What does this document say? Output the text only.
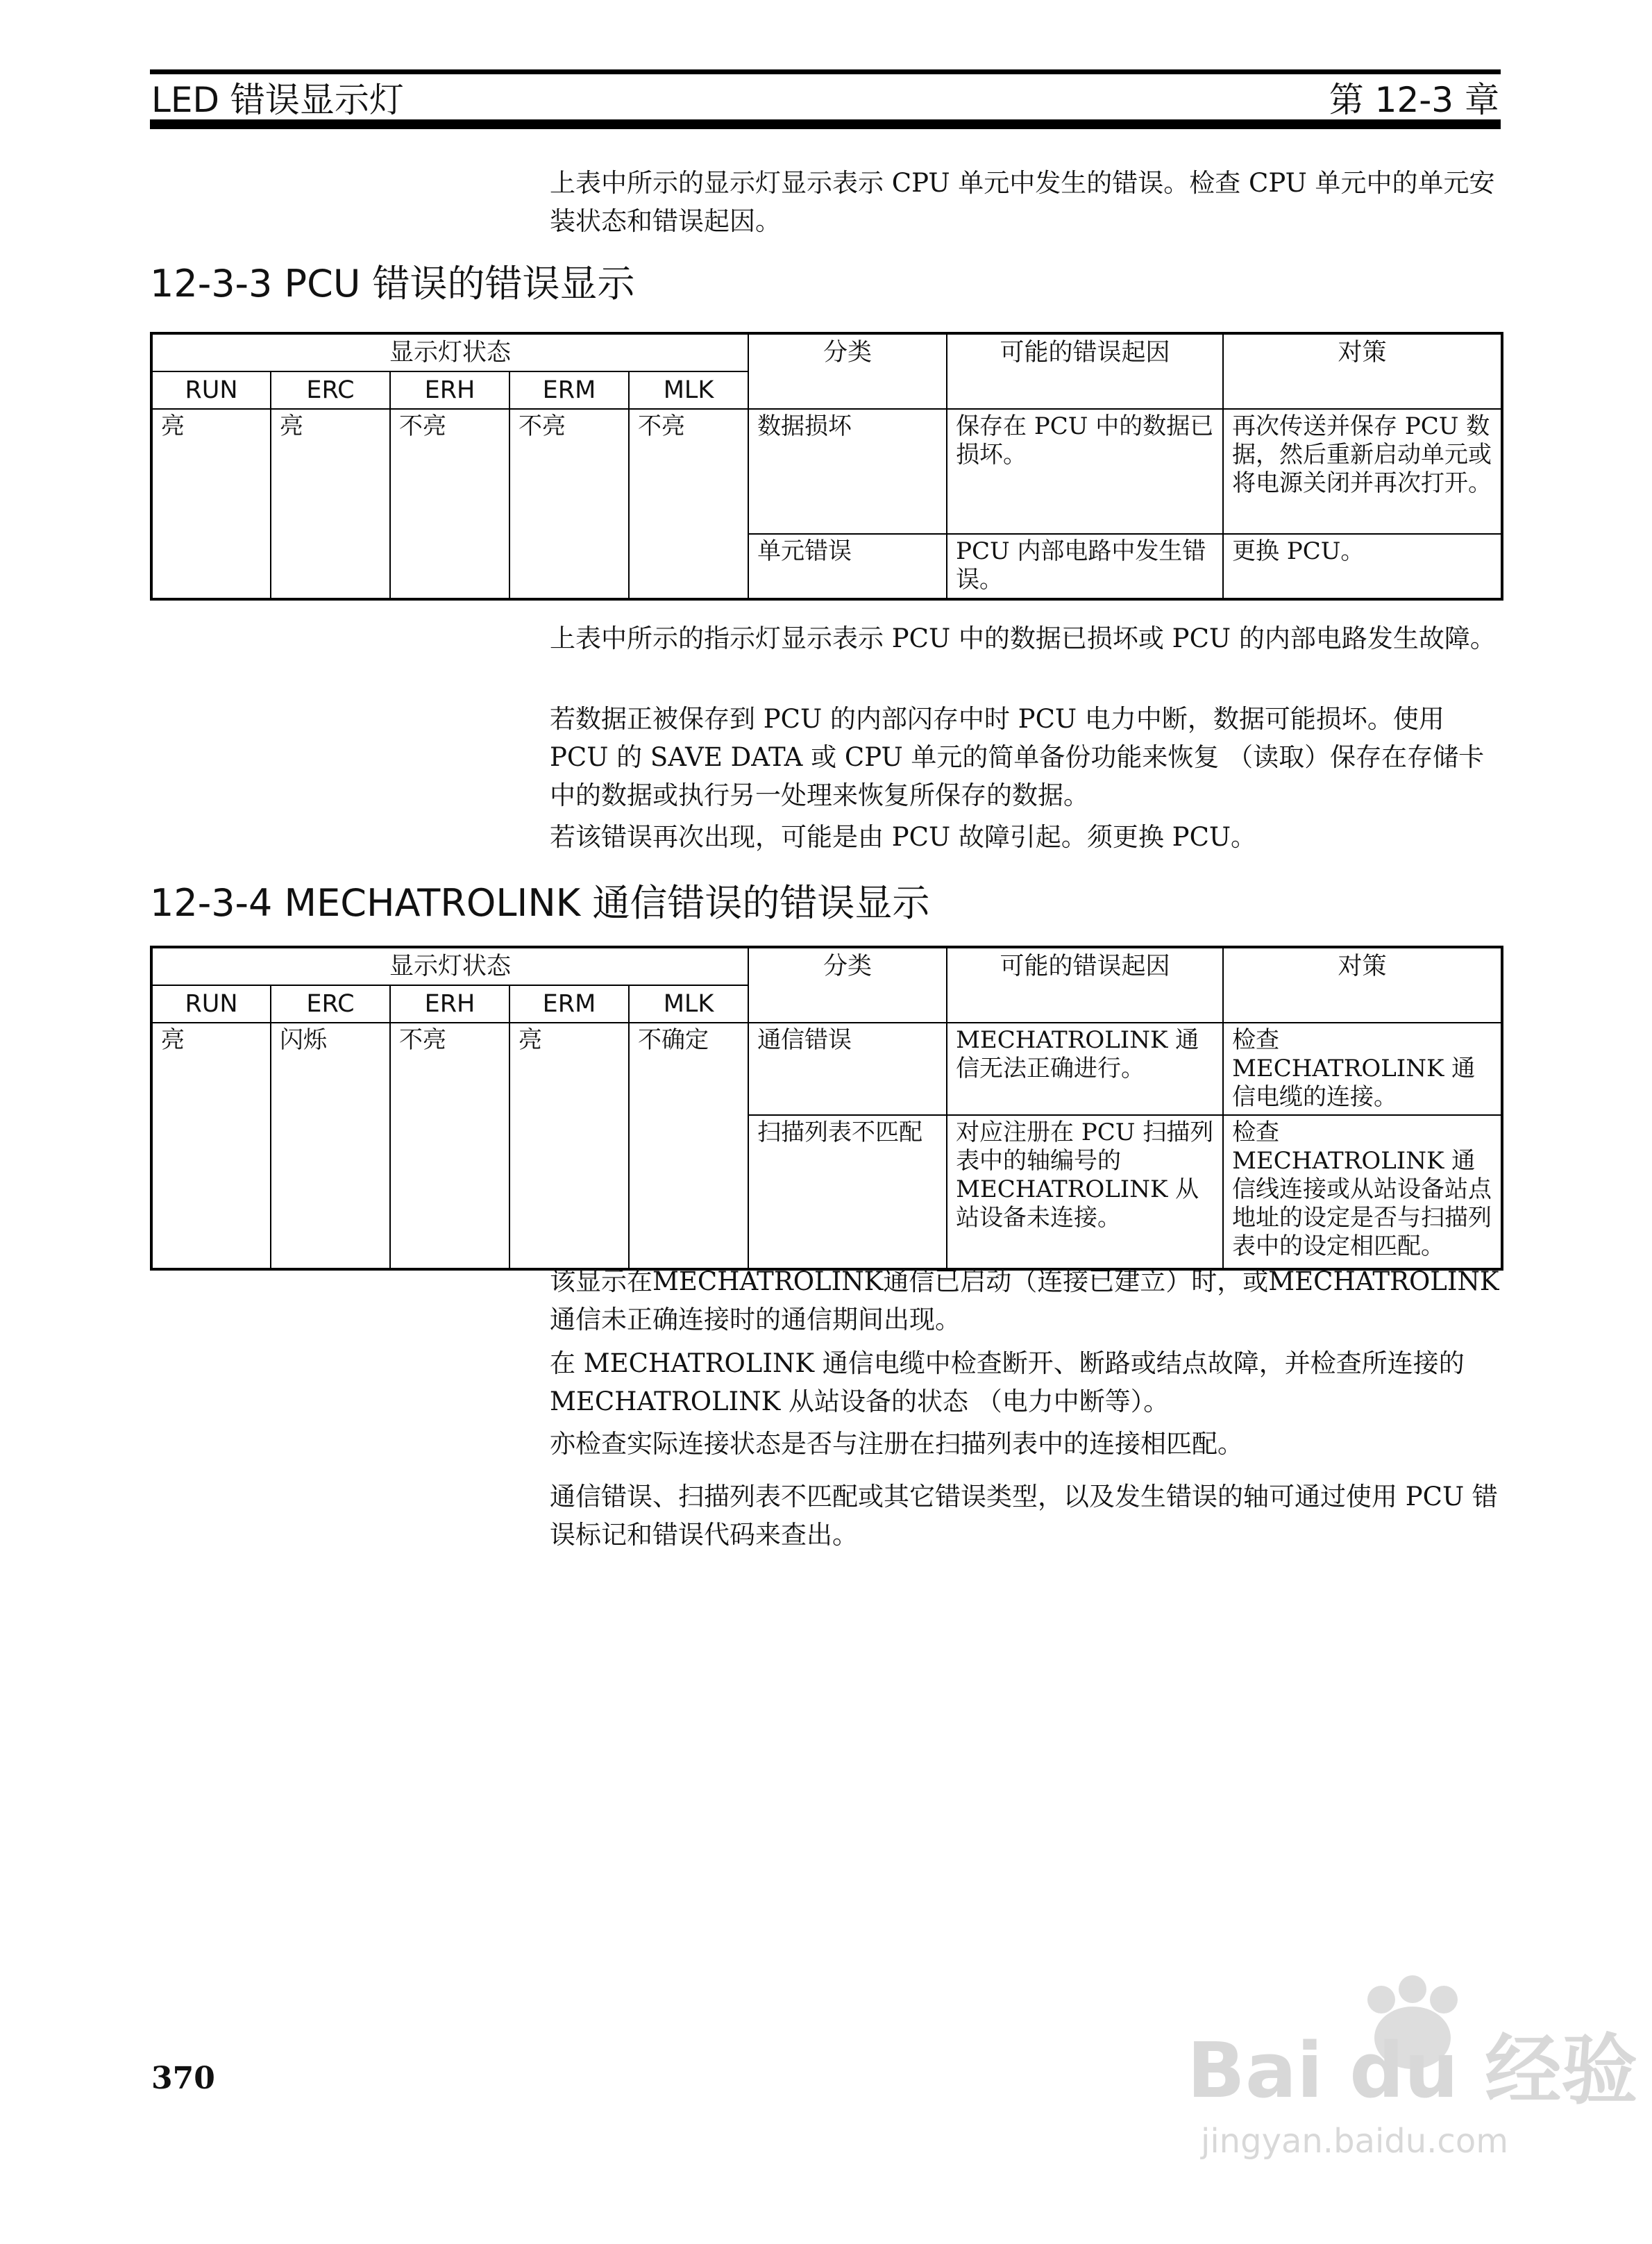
LED 错误显示灯	第 12-3 章

上表中所示的显示灯显示表示 CPU 单元中发生的错误。检查 CPU 单元中的单元安装状态和错误起因。

12-3-3 PCU 错误的错误显示
显示灯状态					分类	可能的错误起因	对策
RUN	ERC	ERH	ERM	MLK			
亮	亮	不亮	不亮	不亮	数据损坏	保存在 PCU 中的数据已损坏。	再次传送并保存 PCU 数据，然后重新启动单元或将电源关闭并再次打开。
					单元错误	PCU 内部电路中发生错误。	更换 PCU。

上表中所示的指示灯显示表示 PCU 中的数据已损坏或 PCU 的内部电路发生故障。

若数据正被保存到 PCU 的内部闪存中时 PCU 电力中断，数据可能损坏。使用 PCU 的 SAVE DATA 或 CPU 单元的简单备份功能来恢复 （读取）保存在存储卡中的数据或执行另一处理来恢复所保存的数据。

若该错误再次出现，可能是由 PCU 故障引起。须更换 PCU。

12-3-4 MECHATROLINK 通信错误的错误显示
显示灯状态					分类	可能的错误起因	对策
RUN	ERC	ERH	ERM	MLK			
亮	闪烁	不亮	亮	不确定	通信错误	MECHATROLINK 通信无法正确进行。	检查 MECHATROLINK 通信电缆的连接。
					扫描列表不匹配	对应注册在 PCU 扫描列表中的轴编号的 MECHATROLINK 从站设备未连接。	检查 MECHATROLINK 通信线连接或从站设备站点地址的设定是否与扫描列表中的设定相匹配。

该显示在MECHATROLINK通信已启动（连接已建立）时，或MECHATROLINK通信未正确连接时的通信期间出现。

在 MECHATROLINK 通信电缆中检查断开、断路或结点故障，并检查所连接的 MECHATROLINK 从站设备的状态 （电力中断等）。

亦检查实际连接状态是否与注册在扫描列表中的连接相匹配。

通信错误、扫描列表不匹配或其它错误类型，以及发生错误的轴可通过使用 PCU 错误标记和错误代码来查出。

370	Bai du 经验
jingyan.baidu.com
